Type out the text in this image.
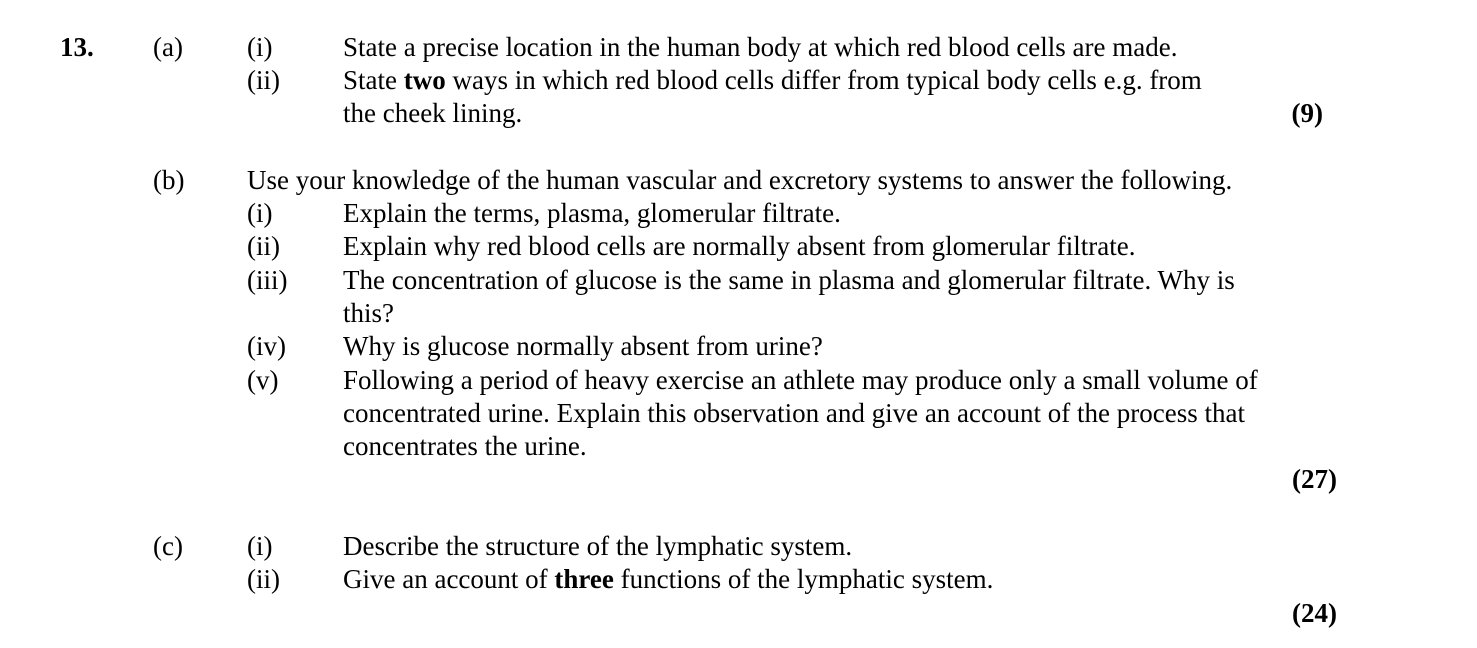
13. (a) (i)	State a precise location in the human body at which red blood cells are made.
(ii) State two ways in which red blood cells differ from typical body cells e.g. from
the cheek lining.	(9)
(b) Use your knowledge of the human vascular and excretory systems to answer the following.
(i)	Explain the terms, plasma, glomerular filtrate.
(ii) Explain why red blood cells are normally absent from glomerular filtrate.
(iii) The concentration of glucose is the same in plasma and glomerular filtrate. Why is
this?
(iv) Why is glucose normally absent from urine?
(v) Following a period of heavy exercise an athlete may produce only a small volume of
concentrated urine. Explain this observation and give an account of the process that
concentrates the urine.
(27)
(c) (i)	Describe the structure of the lymphatic system.
(ii) Give an account of three functions of the lymphatic system.
(24)
